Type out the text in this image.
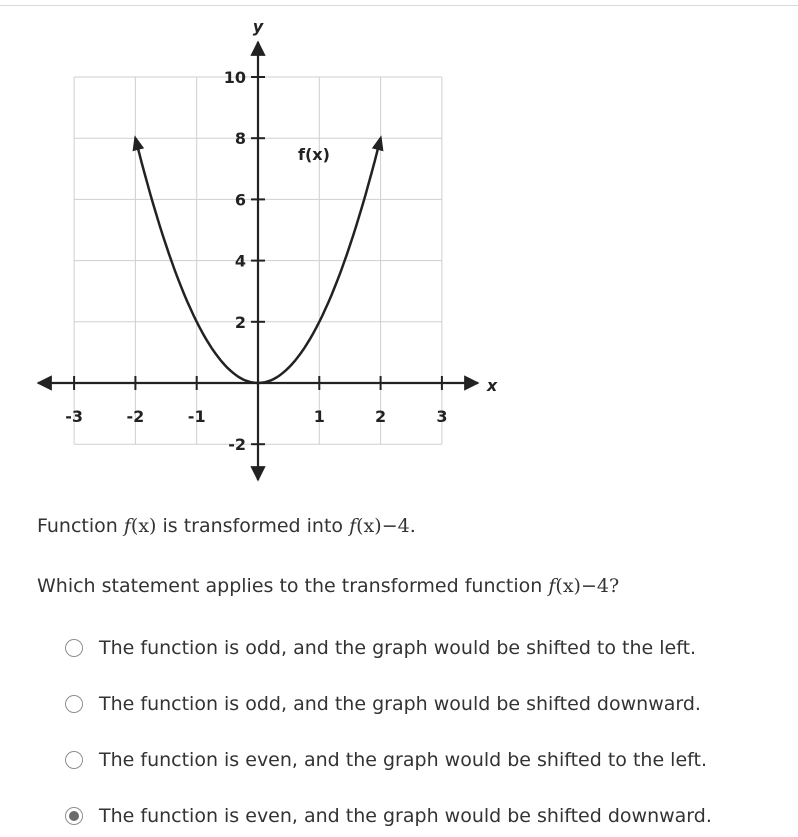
-3	-2	-1	1	2	3
10
8
6
4
2
-2
x
y
f(x)
Function f(x) is transformed into f(x)−4.
Which statement applies to the transformed function f(x)−4?
The function is odd, and the graph would be shifted to the left.
The function is odd, and the graph would be shifted downward.
The function is even, and the graph would be shifted to the left.
The function is even, and the graph would be shifted downward.
